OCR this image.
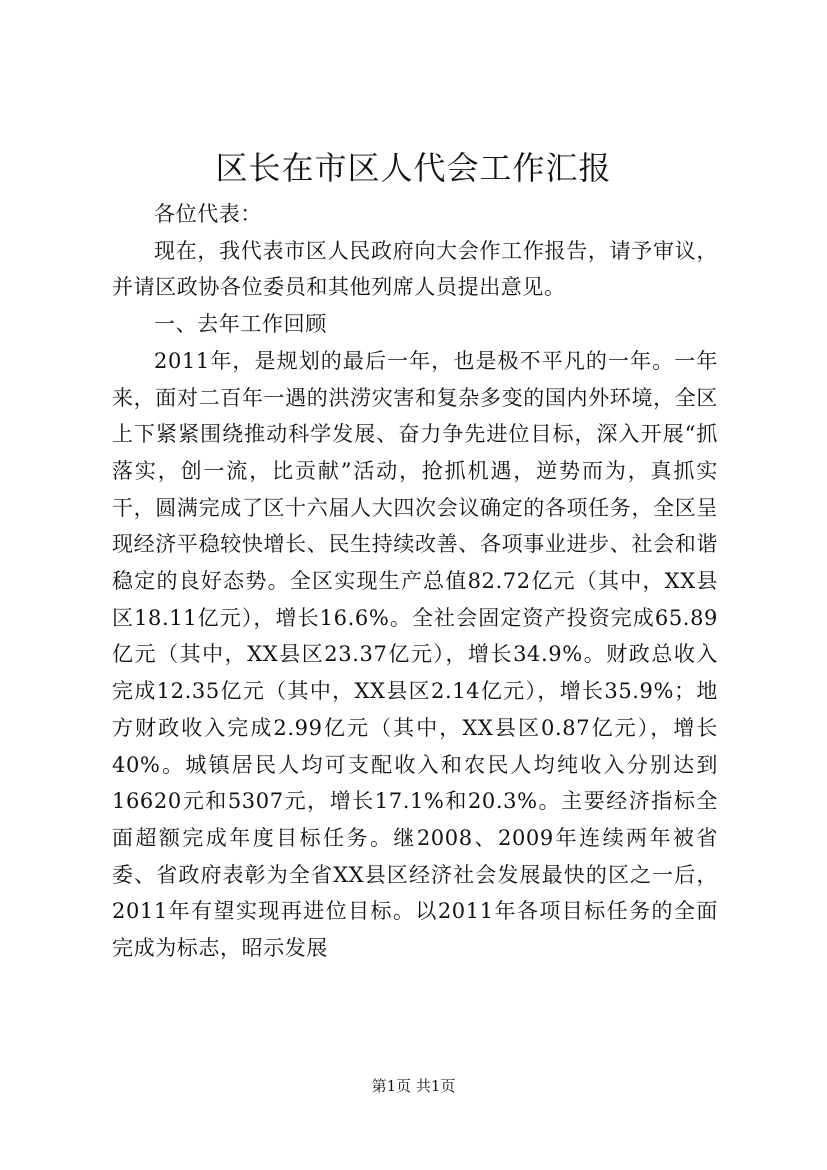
区长在市区人代会工作汇报

各位代表：

现在，我代表市区人民政府向大会作工作报告，请予审议，并请区政协各位委员和其他列席人员提出意见。

一、去年工作回顾

2011年，是规划的最后一年，也是极不平凡的一年。一年来，面对二百年一遇的洪涝灾害和复杂多变的国内外环境，全区上下紧紧围绕推动科学发展、奋力争先进位目标，深入开展“抓落实，创一流，比贡献”活动，抢抓机遇，逆势而为，真抓实干，圆满完成了区十六届人大四次会议确定的各项任务，全区呈现经济平稳较快增长、民生持续改善、各项事业进步、社会和谐稳定的良好态势。全区实现生产总值82.72亿元（其中，XX县区18.11亿元），增长16.6%。全社会固定资产投资完成65.89亿元（其中，XX县区23.37亿元），增长34.9%。财政总收入完成12.35亿元（其中，XX县区2.14亿元），增长35.9%；地方财政收入完成2.99亿元（其中，XX县区0.87亿元），增长40%。城镇居民人均可支配收入和农民人均纯收入分别达到16620元和5307元，增长17.1%和20.3%。主要经济指标全面超额完成年度目标任务。继2008、2009年连续两年被省委、省政府表彰为全省XX县区经济社会发展最快的区之一后，2011年有望实现再进位目标。以2011年各项目标任务的全面完成为标志，昭示发展

第1页 共1页
